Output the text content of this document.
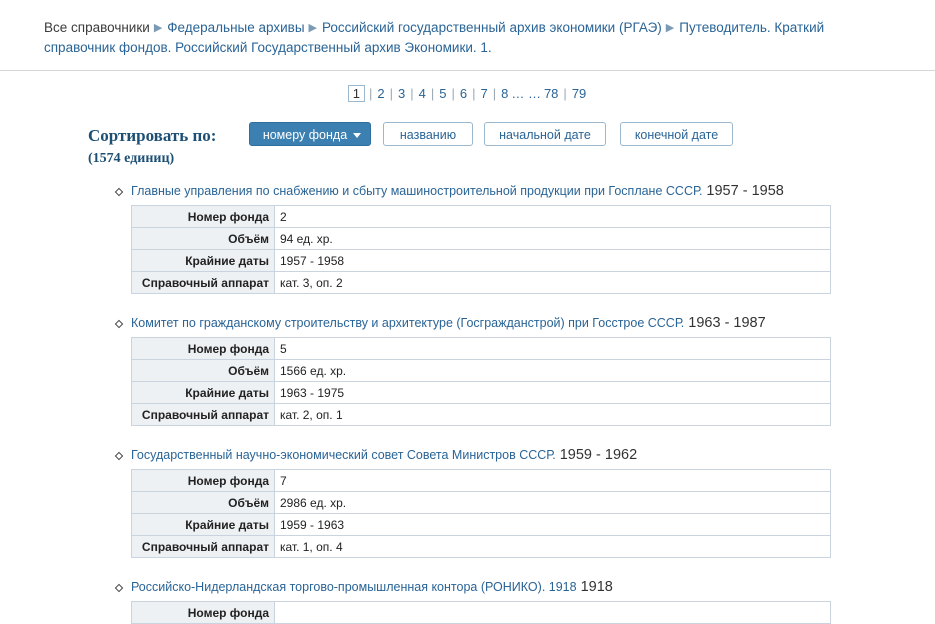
Все справочники ▶ Федеральные архивы ▶ Российский государственный архив экономики (РГАЭ) ▶ Путеводитель. Краткий справочник фондов. Российский Государственный архив Экономики. 1.
1 | 2 | 3 | 4 | 5 | 6 | 7 | 8 … … 78 | 79
Сортировать по:
(1574 единиц)
номеру фонда	названию	начальной дате	конечной дате
Главные управления по снабжению и сбыту машиностроительной продукции при Госплане СССР. 1957 - 1958
Номер фонда	2
Объём	94 ед. хр.
Крайние даты	1957 - 1958
Справочный аппарат	кат. 3, оп. 2
Комитет по гражданскому строительству и архитектуре (Госгражданстрой) при Госстрое СССР. 1963 - 1987
Номер фонда	5
Объём	1566 ед. хр.
Крайние даты	1963 - 1975
Справочный аппарат	кат. 2, оп. 1
Государственный научно-экономический совет Совета Министров СССР. 1959 - 1962
Номер фонда	7
Объём	2986 ед. хр.
Крайние даты	1959 - 1963
Справочный аппарат	кат. 1, оп. 4
Российско-Нидерландская торгово-промышленная контора (РОНИКО). 1918 1918
Номер фонда	
